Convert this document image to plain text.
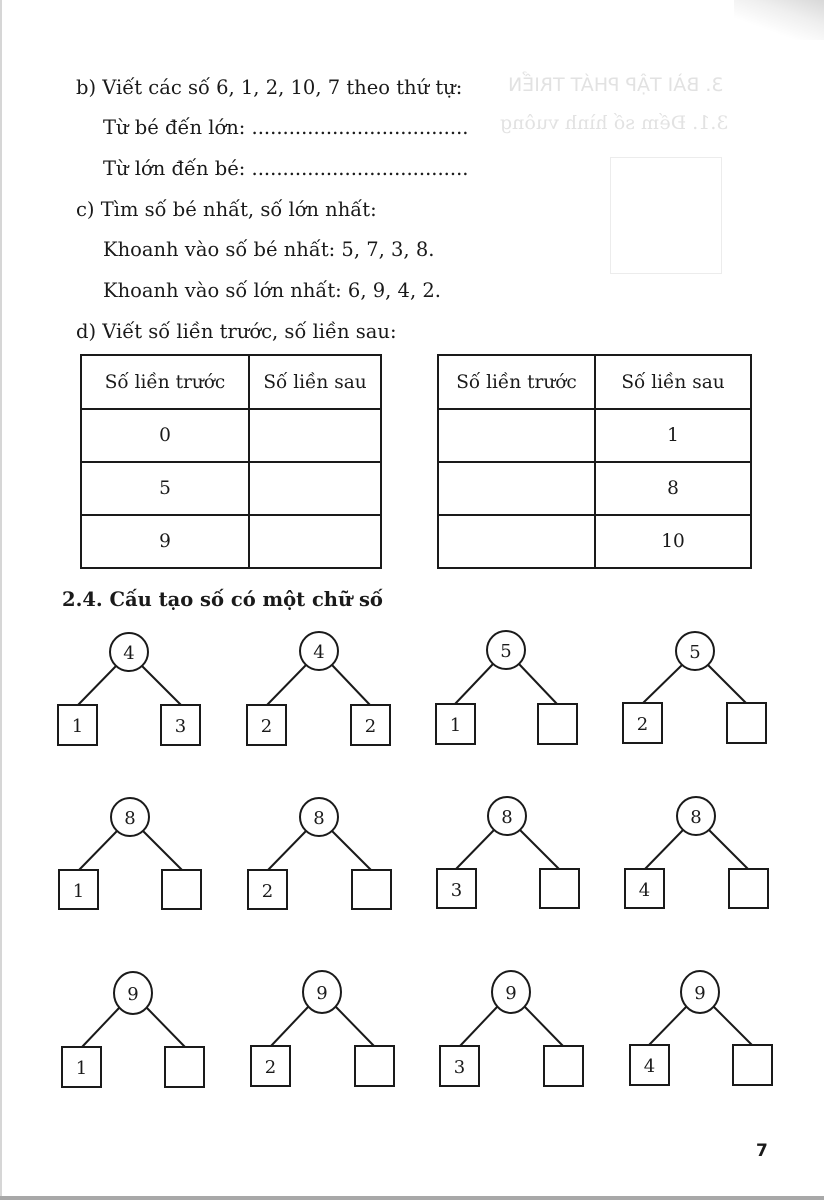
3. BÀI TẬP PHÁT TRIỂN
3.1. Đếm số hình vuông
b) Viết các số 6, 1, 2, 10, 7 theo thứ tự:
Từ bé đến lớn: ...................................
Từ lớn đến bé: ...................................
c) Tìm số bé nhất, số lớn nhất:
Khoanh vào số bé nhất: 5, 7, 3, 8.
Khoanh vào số lớn nhất: 6, 9, 4, 2.
d) Viết số liền trước, số liền sau:
Số liền trước	Số liền sau
0	
5	
9	
Số liền trước	Số liền sau
	1
	8
	10
2.4. Cấu tạo số có một chữ số
4
1	3
4
2	2
5
1
5
2
8
1
8
2
8
3
8
4
9
1
9
2
9
3
9
4
7
